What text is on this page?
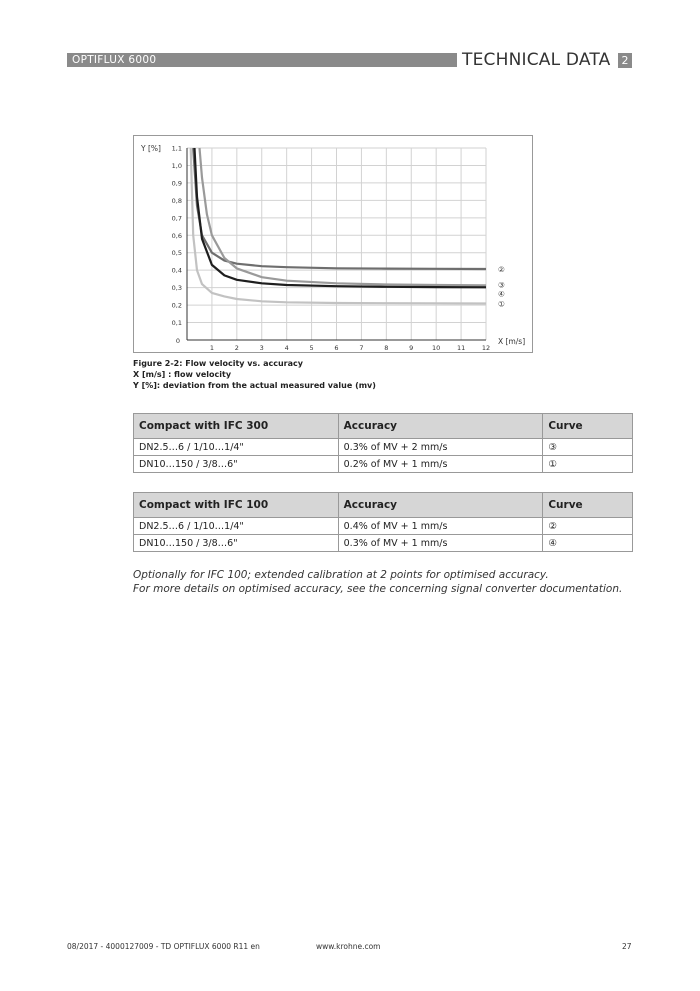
OPTIFLUX 6000	TECHNICAL DATA	2
1	2	3	4	5	6	7	8	9	10	11	12
0,1
0,2
0,3
0,4
0,5
0,6
0,7
0,8
0,9
1,0
1,1
0
Y [%]
X [m/s]
②
③
④
①
Figure 2-2: Flow velocity vs. accuracy
X [m/s] : flow velocity
Y [%]: deviation from the actual measured value (mv)
Compact with IFC 300	Accuracy	Curve
DN2.5…6 / 1/10…1/4"	0.3% of MV + 2 mm/s	③
DN10…150 / 3/8…6"	0.2% of MV + 1 mm/s	①
Compact with IFC 100	Accuracy	Curve
DN2.5…6 / 1/10…1/4"	0.4% of MV + 1 mm/s	②
DN10…150 / 3/8…6"	0.3% of MV + 1 mm/s	④
Optionally for IFC 100; extended calibration at 2 points for optimised accuracy.
For more details on optimised accuracy, see the concerning signal converter documentation.
08/2017 - 4000127009 - TD OPTIFLUX 6000 R11 en	www.krohne.com	27
